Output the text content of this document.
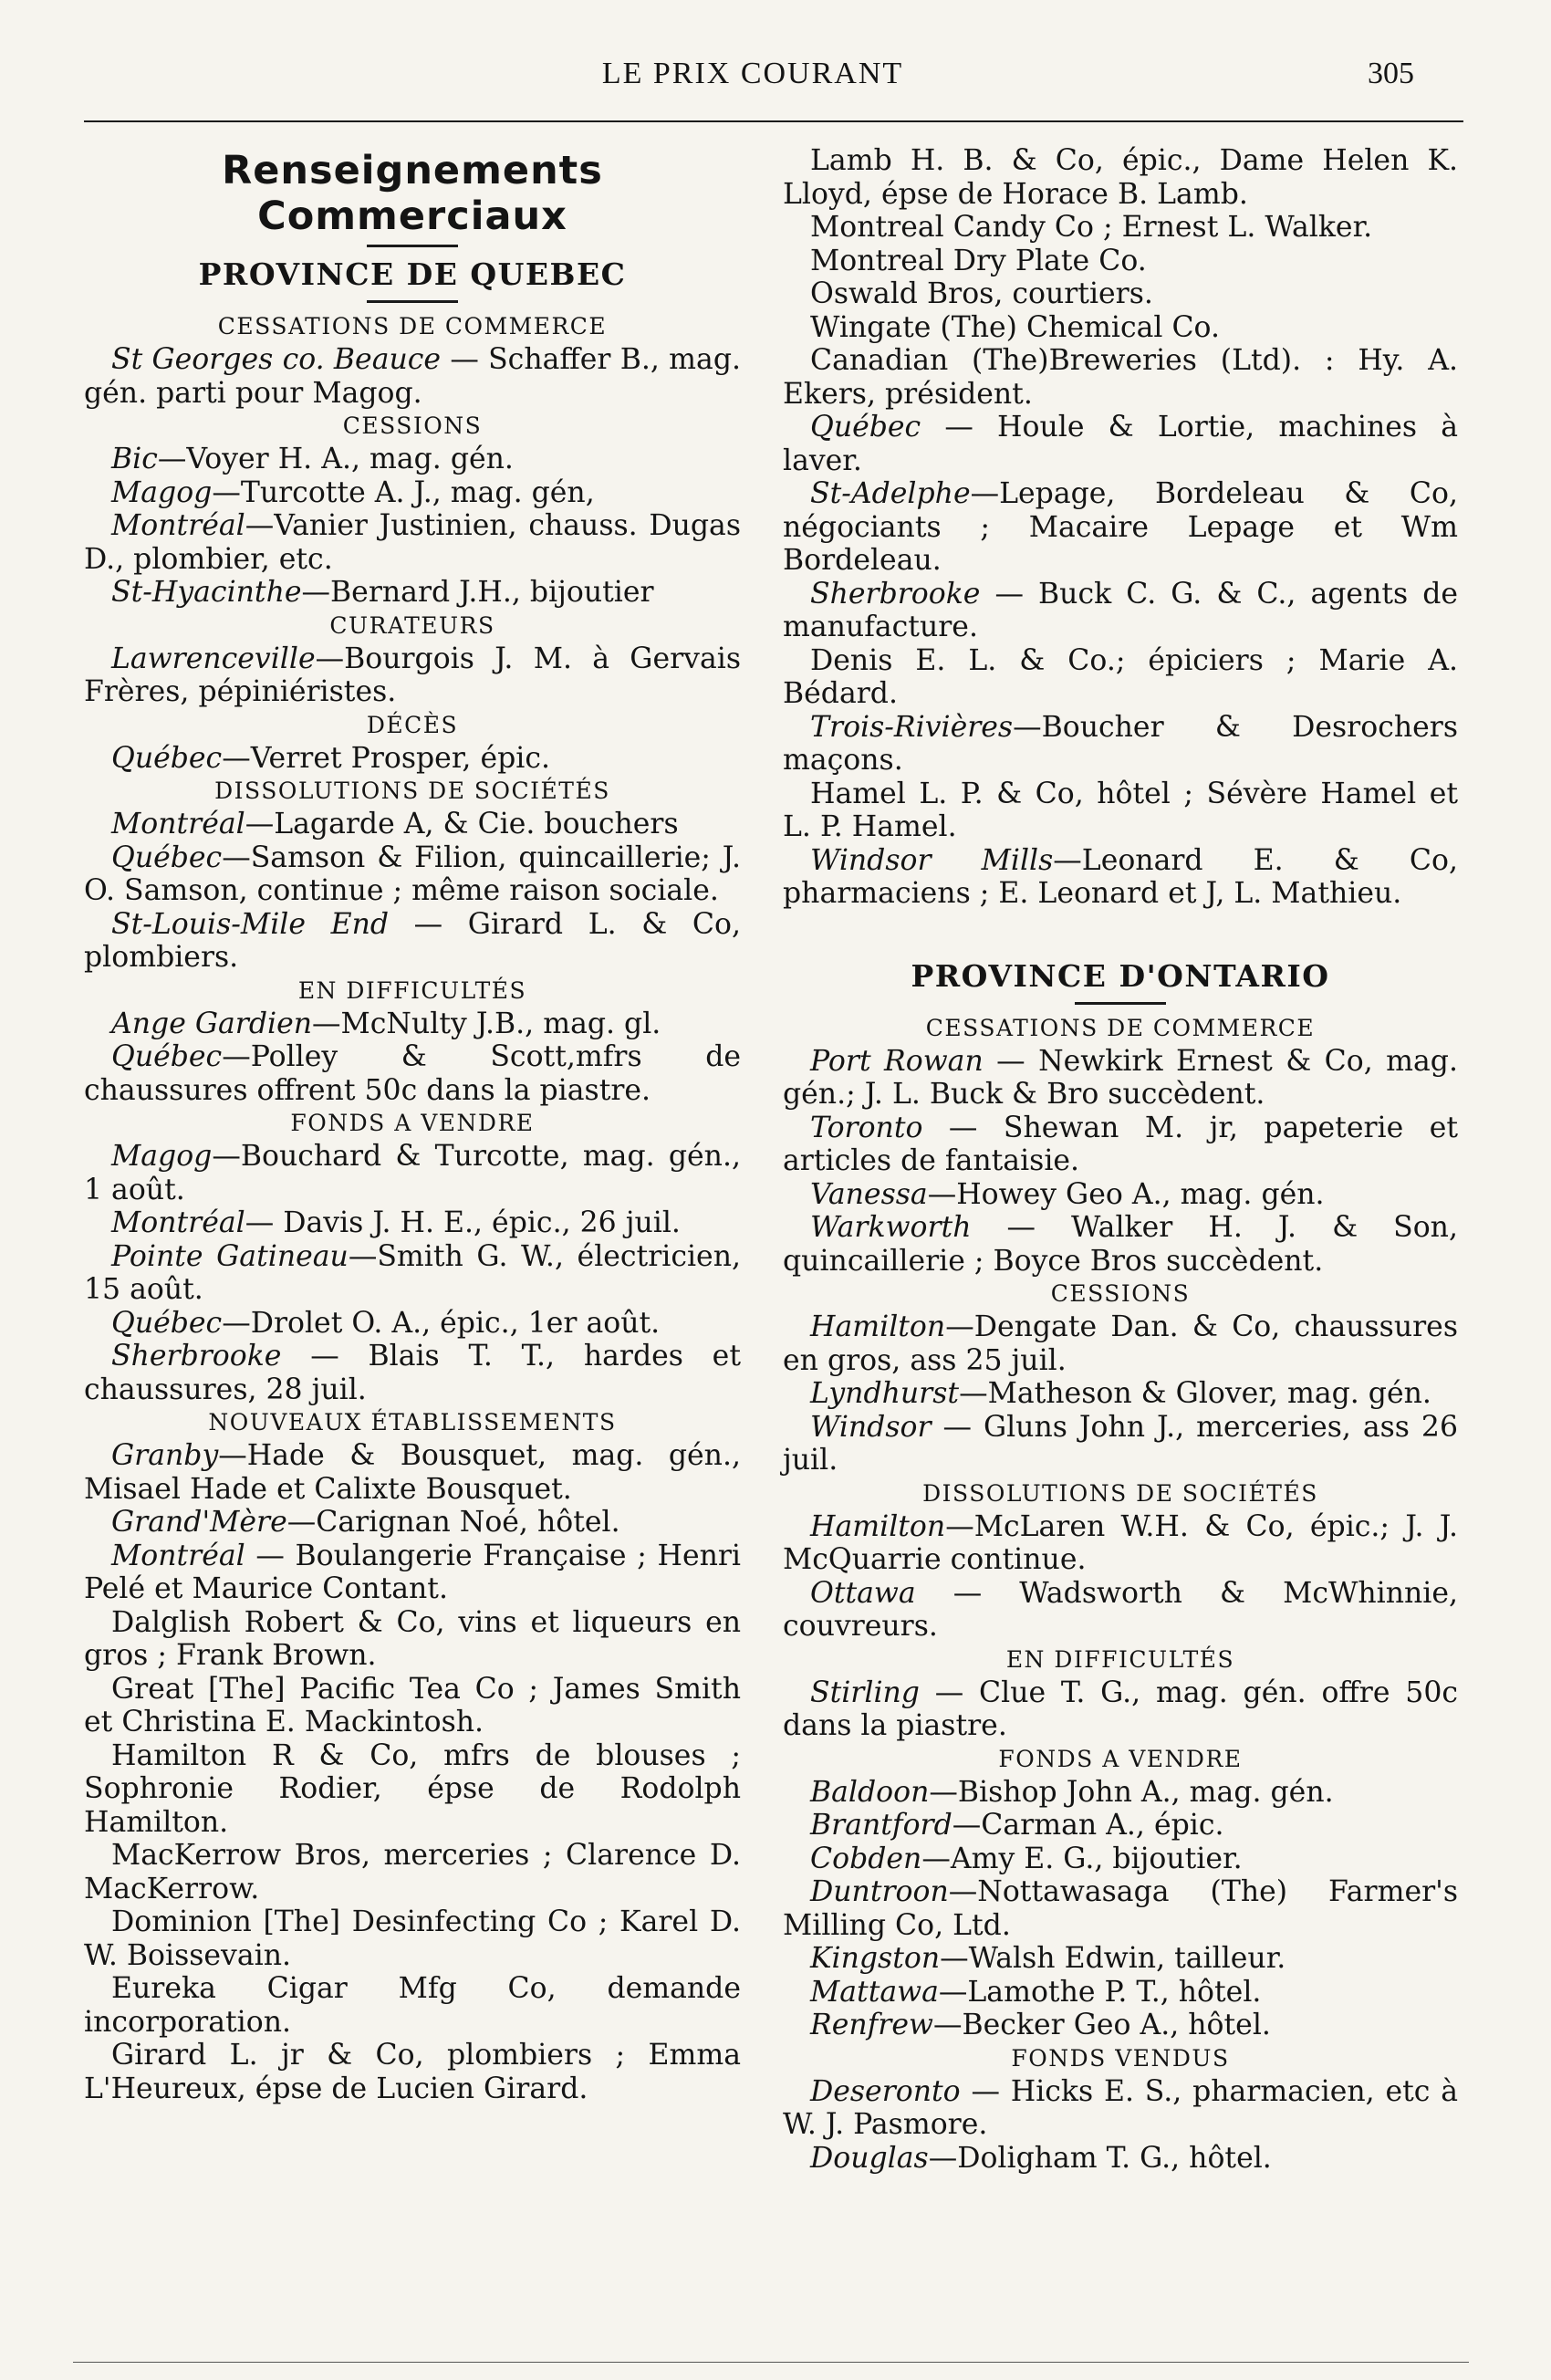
LE PRIX COURANT	305
Renseignements Commerciaux
PROVINCE DE QUEBEC
CESSATIONS DE COMMERCE

St Georges co. Beauce — Schaffer B., mag. gén. parti pour Magog.

CESSIONS

Bic—Voyer H. A., mag. gén.

Magog—Turcotte A. J., mag. gén,

Montréal—Vanier Justinien, chauss. Dugas D., plombier, etc.

St-Hyacinthe—Bernard J.H., bijoutier

CURATEURS

Lawrenceville—Bourgois J. M. à Gervais Frères, pépiniéristes.

DÉCÈS

Québec—Verret Prosper, épic.

DISSOLUTIONS DE SOCIÉTÉS

Montréal—Lagarde A, & Cie. bouchers

Québec—Samson & Filion, quincaillerie; J. O. Samson, continue ; même raison sociale.

St-Louis-Mile End — Girard L. & Co, plombiers.

EN DIFFICULTÉS

Ange Gardien—McNulty J.B., mag. gl.

Québec—Polley & Scott,mfrs de chaussures offrent 50c dans la piastre.

FONDS A VENDRE

Magog—Bouchard & Turcotte, mag. gén., 1 août.

Montréal— Davis J. H. E., épic., 26 juil.

Pointe Gatineau—Smith G. W., électricien, 15 août.

Québec—Drolet O. A., épic., 1er août.

Sherbrooke — Blais T. T., hardes et chaussures, 28 juil.

NOUVEAUX ÉTABLISSEMENTS

Granby—Hade & Bousquet, mag. gén., Misael Hade et Calixte Bousquet.

Grand'Mère—Carignan Noé, hôtel.

Montréal — Boulangerie Française ; Henri Pelé et Maurice Contant.

Dalglish Robert & Co, vins et liqueurs en gros ; Frank Brown.

Great [The] Pacific Tea Co ; James Smith et Christina E. Mackintosh.

Hamilton R & Co, mfrs de blouses ; Sophronie Rodier, épse de Rodolph Hamilton.

MacKerrow Bros, merceries ; Clarence D. MacKerrow.

Dominion [The] Desinfecting Co ; Karel D. W. Boissevain.

Eureka Cigar Mfg Co, demande incorporation.

Girard L. jr & Co, plombiers ; Emma L'Heureux, épse de Lucien Girard.

Lamb H. B. & Co, épic., Dame Helen K. Lloyd, épse de Horace B. Lamb.

Montreal Candy Co ; Ernest L. Walker.

Montreal Dry Plate Co.

Oswald Bros, courtiers.

Wingate (The) Chemical Co.

Canadian (The)Breweries (Ltd). : Hy. A. Ekers, président.

Québec — Houle & Lortie, machines à laver.

St-Adelphe—Lepage, Bordeleau & Co, négociants ; Macaire Lepage et Wm Bordeleau.

Sherbrooke — Buck C. G. & C., agents de manufacture.

Denis E. L. & Co.; épiciers ; Marie A. Bédard.

Trois-Rivières—Boucher & Desrochers maçons.

Hamel L. P. & Co, hôtel ; Sévère Hamel et L. P. Hamel.

Windsor Mills—Leonard E. & Co, pharmaciens ; E. Leonard et J, L. Mathieu.

PROVINCE D'ONTARIO
CESSATIONS DE COMMERCE

Port Rowan — Newkirk Ernest & Co, mag. gén.; J. L. Buck & Bro succèdent.

Toronto — Shewan M. jr, papeterie et articles de fantaisie.

Vanessa—Howey Geo A., mag. gén.

Warkworth — Walker H. J. & Son, quincaillerie ; Boyce Bros succèdent.

CESSIONS

Hamilton—Dengate Dan. & Co, chaussures en gros, ass 25 juil.

Lyndhurst—Matheson & Glover, mag. gén.

Windsor — Gluns John J., merceries, ass 26 juil.

DISSOLUTIONS DE SOCIÉTÉS

Hamilton—McLaren W.H. & Co, épic.; J. J. McQuarrie continue.

Ottawa — Wadsworth & McWhinnie, couvreurs.

EN DIFFICULTÉS

Stirling — Clue T. G., mag. gén. offre 50c dans la piastre.

FONDS A VENDRE

Baldoon—Bishop John A., mag. gén.

Brantford—Carman A., épic.

Cobden—Amy E. G., bijoutier.

Duntroon—Nottawasaga (The) Farmer's Milling Co, Ltd.

Kingston—Walsh Edwin, tailleur.

Mattawa—Lamothe P. T., hôtel.

Renfrew—Becker Geo A., hôtel.

FONDS VENDUS

Deseronto — Hicks E. S., pharmacien, etc à W. J. Pasmore.

Douglas—Doligham T. G., hôtel.
